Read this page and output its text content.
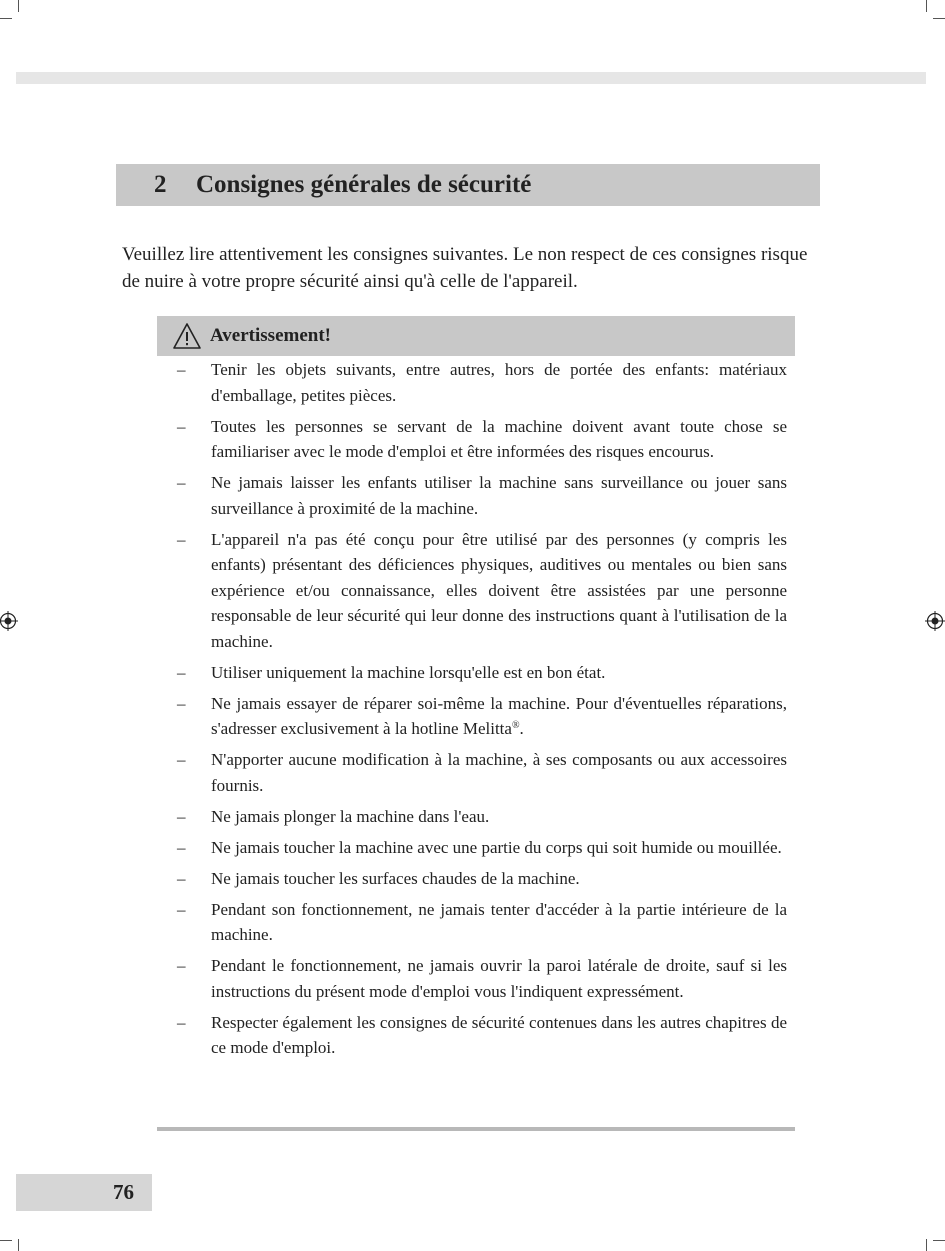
2	Consignes générales de sécurité

Veuillez lire attentivement les consignes suivantes. Le non respect de ces consignes risque de nuire à votre propre sécurité ainsi qu'à celle de l'appareil.

Avertissement!
– Tenir les objets suivants, entre autres, hors de portée des enfants: matériaux d'emballage, petites pièces.
– Toutes les personnes se servant de la machine doivent avant toute chose se familiariser avec le mode d'emploi et être informées des risques encourus.
– Ne jamais laisser les enfants utiliser la machine sans surveillance ou jouer sans surveillance à proximité de la machine.
– L'appareil n'a pas été conçu pour être utilisé par des personnes (y compris les enfants) présentant des déficiences physiques, auditives ou mentales ou bien sans expérience et/ou connaissance, elles doivent être assistées par une personne responsable de leur sécurité qui leur donne des instructions quant à l'utilisation de la machine.
– Utiliser uniquement la machine lorsqu'elle est en bon état.
– Ne jamais essayer de réparer soi-même la machine. Pour d'éventuelles réparations, s'adresser exclusivement à la hotline Melitta®.
– N'apporter aucune modification à la machine, à ses composants ou aux accessoires fournis.
– Ne jamais plonger la machine dans l'eau.
– Ne jamais toucher la machine avec une partie du corps qui soit humide ou mouillée.
– Ne jamais toucher les surfaces chaudes de la machine.
– Pendant son fonctionnement, ne jamais tenter d'accéder à la partie intérieure de la machine.
– Pendant le fonctionnement, ne jamais ouvrir la paroi latérale de droite, sauf si les instructions du présent mode d'emploi vous l'indiquent expressément.
– Respecter également les consignes de sécurité contenues dans les autres chapitres de ce mode d'emploi.
76
